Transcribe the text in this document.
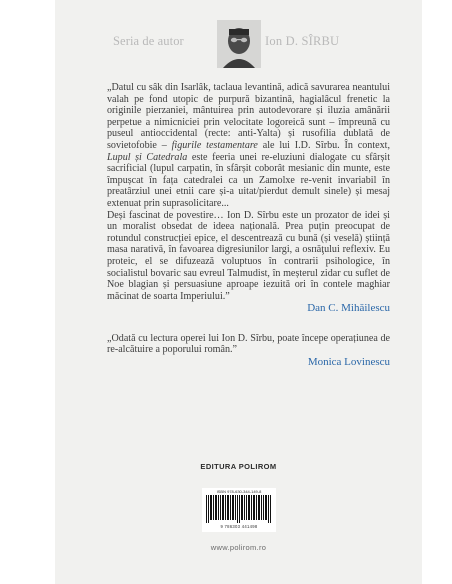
Seria de autor	Ion D. SÎRBU

„Datul cu sâk din Isarlâk, taclaua levantină, adică savurarea neantului valah pe fond utopic de purpură bizantină, hagialâcul frenetic la originile pierzaniei, mântuirea prin autodevorare și iluzia amânării perpetue a nimicniciei prin velocitate logoreică sunt – împreună cu puseul antioccidental (recte: anti-Yalta) și rusofilia dublată de sovietofobie – figurile testamentare ale lui I.D. Sîrbu. În context, Lupul și Catedrala este feeria unei re-eluziuni dialogate cu sfârșit sacrificial (lupul carpatin, în sfârșit coborât mesianic din munte, este împușcat în fața catedralei ca un Zamolxe re-venit invariabil în preatârziul unei etnii care și-a uitat/pierdut demult sinele) și mesaj extenuat prin suprasolicitare...

Deși fascinat de povestire… Ion D. Sîrbu este un prozator de idei și un moralist obsedat de ideea națională. Prea puțin preocupat de rotundul construcției epice, el descentrează cu bună (și veselă) știință masa narativă, în favoarea digresiunilor largi, a osпăţului reflexiv. Eu proteic, el se difuzează voluptuos în contrarii psihologice, în socialistul bovaric sau evreul Talmudist, în meșterul zidar cu suflet de Noe blagian și persuasiune aproape iezuită ori în contele maghiar măcinat de soarta Imperiului.”

Dan C. Mihăilescu

„Odată cu lectura operei lui Ion D. Sîrbu, poate începe operațiunea de re-alcătuire a poporului român.”

Monica Lovinescu
EDITURA POLIROM
ISBN 978-630-344-149-8
9 786303 441498
www.polirom.ro
